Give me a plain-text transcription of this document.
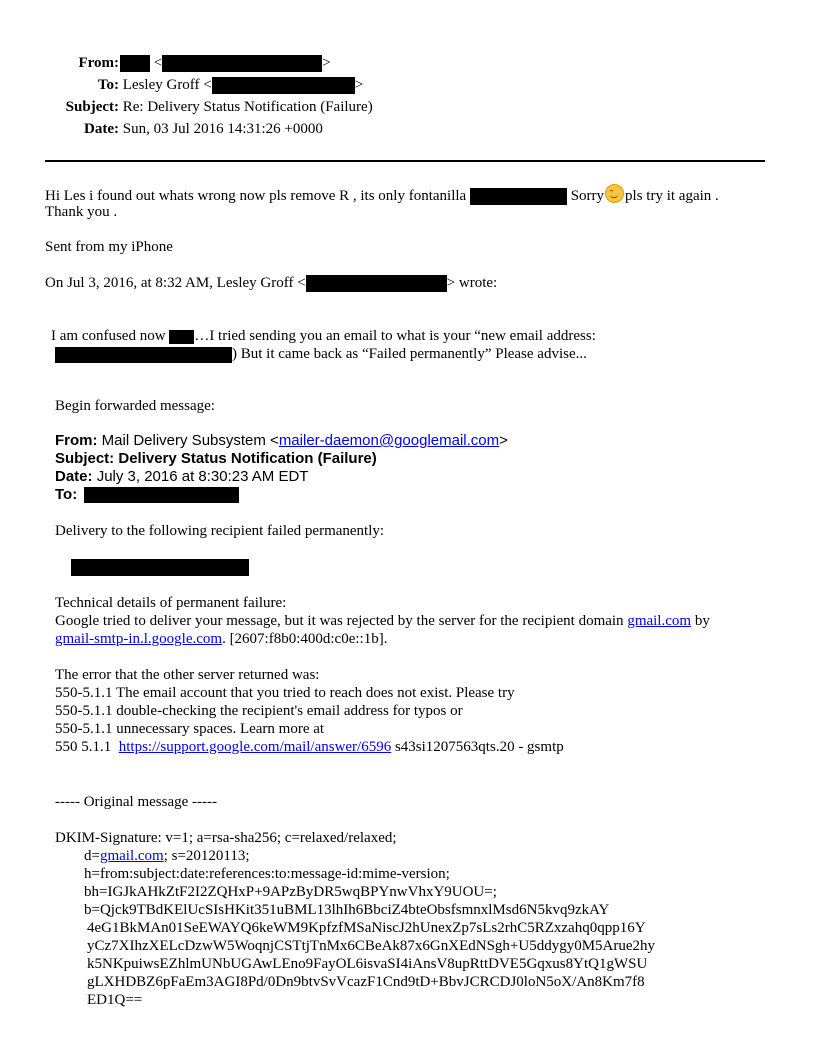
From: <	>
To: Lesley Groff <	>
Subject: Re: Delivery Status Notification (Failure)
Date: Sun, 03 Jul 2016 14:31:26 +0000
Hi Les i found out whats wrong now pls remove R , its only fontanilla	Sorry pls try it again .
Thank you .
Sent from my iPhone
On Jul 3, 2016, at 8:32 AM, Lesley Groff <	> wrote:
I am confused now …I tried sending you an email to what is your “new email address:
) But it came back as “Failed permanently” Please advise...
Begin forwarded message:
From: Mail Delivery Subsystem <mailer-daemon@googlemail.com>
Subject: Delivery Status Notification (Failure)
Date: July 3, 2016 at 8:30:23 AM EDT
To:
Delivery to the following recipient failed permanently:
Technical details of permanent failure:
Google tried to deliver your message, but it was rejected by the server for the recipient domain gmail.com by
gmail-smtp-in.l.google.com. [2607:f8b0:400d:c0e::1b].
The error that the other server returned was:
550-5.1.1 The email account that you tried to reach does not exist. Please try
550-5.1.1 double-checking the recipient's email address for typos or
550-5.1.1 unnecessary spaces. Learn more at
550 5.1.1 https://support.google.com/mail/answer/6596 s43si1207563qts.20 - gsmtp
----- Original message -----
DKIM-Signature: v=1; a=rsa-sha256; c=relaxed/relaxed;
d=gmail.com; s=20120113;
h=from:subject:date:references:to:message-id:mime-version;
bh=IGJkAHkZtF2I2ZQHxP+9APzByDR5wqBPYnwVhxY9UOU=;
b=Qjck9TBdKElUcSIsHKit351uBML13lhIh6BbciZ4bteObsfsmnxlMsd6N5kvq9zkAY
4eG1BkMAn01SeEWAYQ6keWM9KpfzfMSaNiscJ2hUnexZp7sLs2rhC5RZxzahq0qpp16Y
yCz7XIhzXELcDzwW5WoqnjCSTtjTnMx6CBeAk87x6GnXEdNSgh+U5ddygy0M5Arue2hy
k5NKpuiwsEZhlmUNbUGAwLEno9FayOL6isvaSI4iAnsV8upRttDVE5Gqxus8YtQ1gWSU
gLXHDBZ6pFaEm3AGI8Pd/0Dn9btvSvVcazF1Cnd9tD+BbvJCRCDJ0loN5oX/An8Km7f8
ED1Q==
